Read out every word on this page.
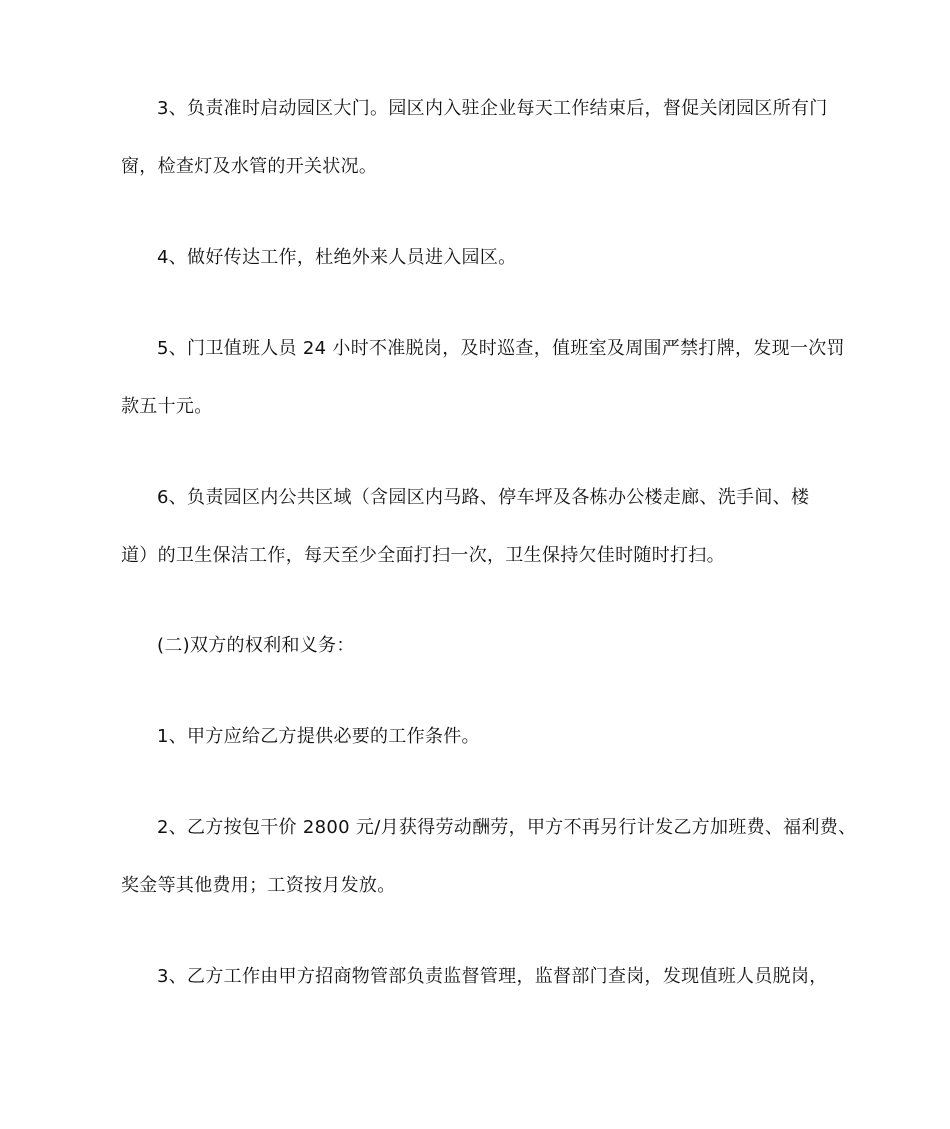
3、负责准时启动园区大门。园区内入驻企业每天工作结束后，督促关闭园区所有门
窗，检查灯及水管的开关状况。
4、做好传达工作，杜绝外来人员进入园区。
5、门卫值班人员 24 小时不准脱岗，及时巡查，值班室及周围严禁打牌，发现一次罚
款五十元。
6、负责园区内公共区域（含园区内马路、停车坪及各栋办公楼走廊、洗手间、楼
道）的卫生保洁工作，每天至少全面打扫一次，卫生保持欠佳时随时打扫。
(二)双方的权利和义务：
1、甲方应给乙方提供必要的工作条件。
2、乙方按包干价 2800 元/月获得劳动酬劳，甲方不再另行计发乙方加班费、福利费、
奖金等其他费用；工资按月发放。
3、乙方工作由甲方招商物管部负责监督管理，监督部门查岗，发现值班人员脱岗，
